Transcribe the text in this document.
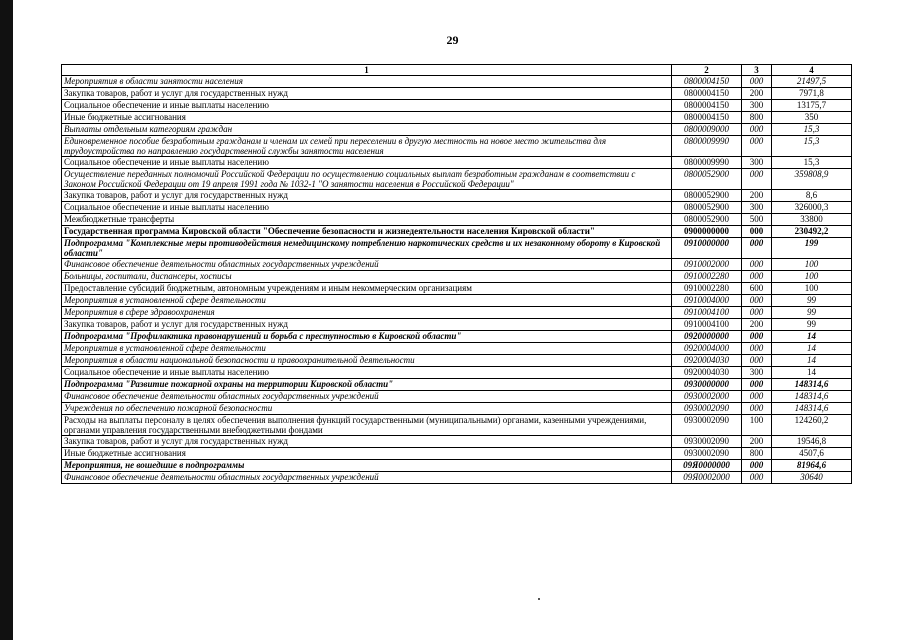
29
1	2	3	4
Мероприятия в области занятости населения	0800004150	000	21497,5
Закупка товаров, работ и услуг для государственных нужд	0800004150	200	7971,8
Социальное обеспечение и иные выплаты населению	0800004150	300	13175,7
Иные бюджетные ассигнования	0800004150	800	350
Выплаты отдельным категориям граждан	0800009000	000	15,3
Единовременное пособие безработным гражданам и членам их семей при переселении в другую местность на новое место жительства для трудоустройства по направлению государственной службы занятости населения	0800009990	000	15,3
Социальное обеспечение и иные выплаты населению	0800009990	300	15,3
Осуществление переданных полномочий Российской Федерации по осуществлению социальных выплат безработным гражданам в соответствии с Законом Российской Федерации от 19 апреля 1991 года № 1032-1 "О занятости населения в Российской Федерации"	0800052900	000	359808,9
Закупка товаров, работ и услуг для государственных нужд	0800052900	200	8,6
Социальное обеспечение и иные выплаты населению	0800052900	300	326000,3
Межбюджетные трансферты	0800052900	500	33800
Государственная программа Кировской области "Обеспечение безопасности и жизнедеятельности населения Кировской области"	0900000000	000	230492,2
Подпрограмма "Комплексные меры противодействия немедицинскому потреблению наркотических средств и их незаконному обороту в Кировской области"	0910000000	000	199
Финансовое обеспечение деятельности областных государственных учреждений	0910002000	000	100
Больницы, госпитали, диспансеры, хосписы	0910002280	000	100
Предоставление субсидий бюджетным, автономным учреждениям и иным некоммерческим организациям	0910002280	600	100
Мероприятия в установленной сфере деятельности	0910004000	000	99
Мероприятия в сфере здравоохранения	0910004100	000	99
Закупка товаров, работ и услуг для государственных нужд	0910004100	200	99
Подпрограмма "Профилактика правонарушений и борьба с преступностью в Кировской области"	0920000000	000	14
Мероприятия в установленной сфере деятельности	0920004000	000	14
Мероприятия в области национальной безопасности и правоохранительной деятельности	0920004030	000	14
Социальное обеспечение и иные выплаты населению	0920004030	300	14
Подпрограмма "Развитие пожарной охраны на территории Кировской области"	0930000000	000	148314,6
Финансовое обеспечение деятельности областных государственных учреждений	0930002000	000	148314,6
Учреждения по обеспечению пожарной безопасности	0930002090	000	148314,6
Расходы на выплаты персоналу в целях обеспечения выполнения функций государственными (муниципальными) органами, казенными учреждениями, органами управления государственными внебюджетными фондами	0930002090	100	124260,2
Закупка товаров, работ и услуг для государственных нужд	0930002090	200	19546,8
Иные бюджетные ассигнования	0930002090	800	4507,6
Мероприятия, не вошедшие в подпрограммы	09Я0000000	000	81964,6
Финансовое обеспечение деятельности областных государственных учреждений	09Я0002000	000	30640
